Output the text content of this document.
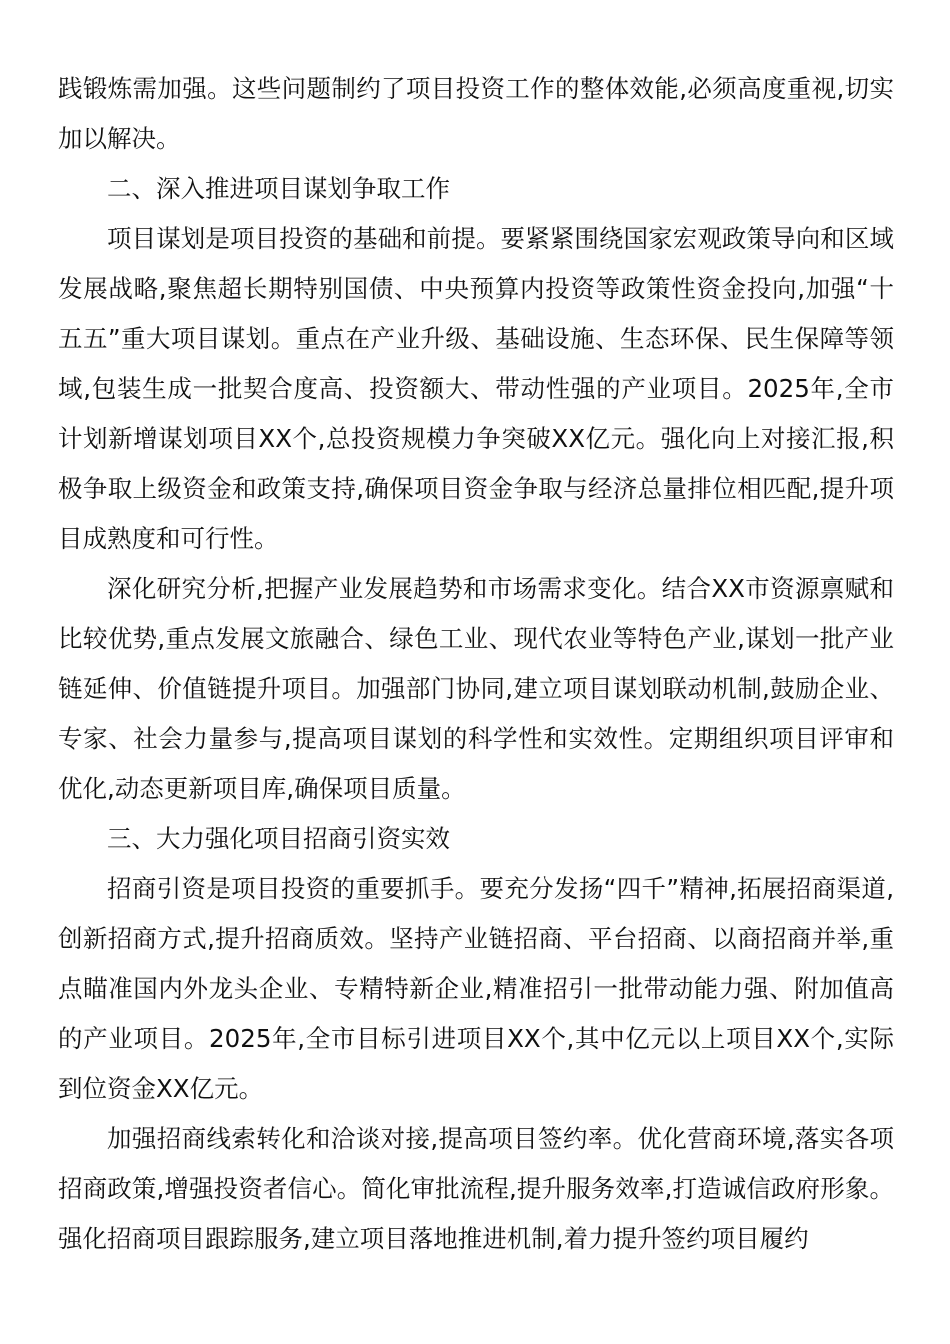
践锻炼需加强。这些问题制约了项目投资工作的整体效能,必须高度重视,切实加以解决。

二、深入推进项目谋划争取工作

项目谋划是项目投资的基础和前提。要紧紧围绕国家宏观政策导向和区域发展战略,聚焦超长期特别国债、中央预算内投资等政策性资金投向,加强“十五五”重大项目谋划。重点在产业升级、基础设施、生态环保、民生保障等领域,包装生成一批契合度高、投资额大、带动性强的产业项目。2025年,全市计划新增谋划项目XX个,总投资规模力争突破XX亿元。强化向上对接汇报,积极争取上级资金和政策支持,确保项目资金争取与经济总量排位相匹配,提升项目成熟度和可行性。

深化研究分析,把握产业发展趋势和市场需求变化。结合XX市资源禀赋和比较优势,重点发展文旅融合、绿色工业、现代农业等特色产业,谋划一批产业链延伸、价值链提升项目。加强部门协同,建立项目谋划联动机制,鼓励企业、专家、社会力量参与,提高项目谋划的科学性和实效性。定期组织项目评审和优化,动态更新项目库,确保项目质量。

三、大力强化项目招商引资实效

招商引资是项目投资的重要抓手。要充分发扬“四千”精神,拓展招商渠道,创新招商方式,提升招商质效。坚持产业链招商、平台招商、以商招商并举,重点瞄准国内外龙头企业、专精特新企业,精准招引一批带动能力强、附加值高的产业项目。2025年,全市目标引进项目XX个,其中亿元以上项目XX个,实际到位资金XX亿元。

加强招商线索转化和洽谈对接,提高项目签约率。优化营商环境,落实各项招商政策,增强投资者信心。简化审批流程,提升服务效率,打造诚信政府形象。强化招商项目跟踪服务,建立项目落地推进机制,着力提升签约项目履约
